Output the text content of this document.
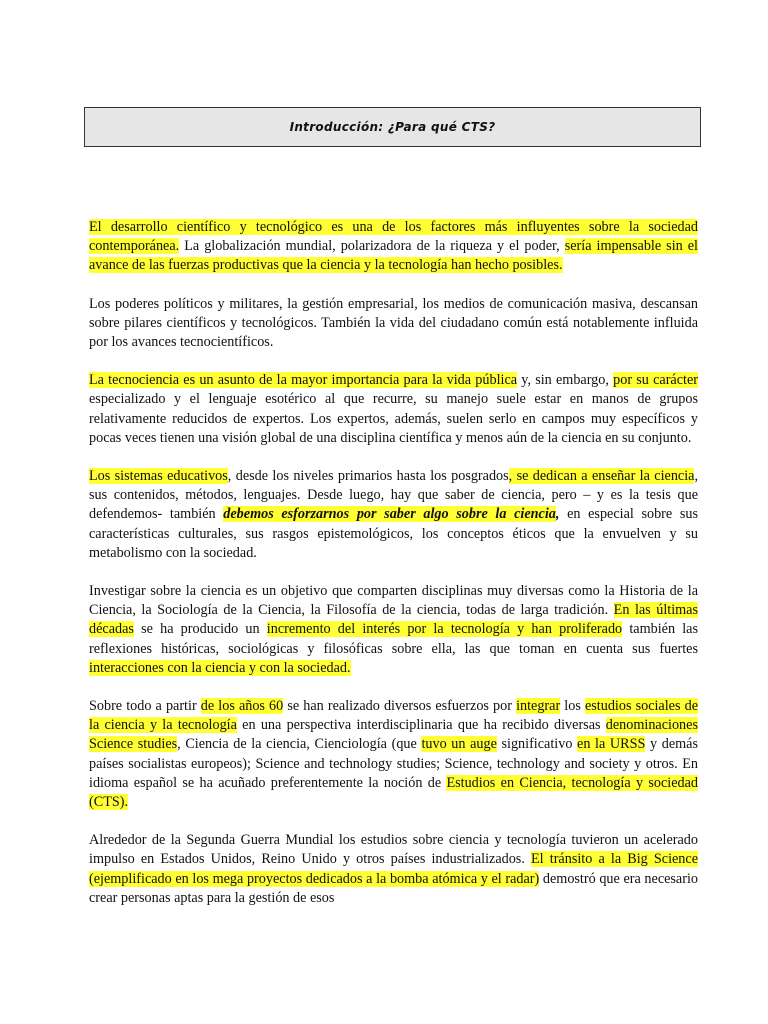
Introducción: ¿Para qué CTS?

El desarrollo científico y tecnológico es una de los factores más influyentes sobre la sociedad contemporánea. La globalización mundial, polarizadora de la riqueza y el poder, sería impensable sin el avance de las fuerzas productivas que la ciencia y la tecnología han hecho posibles.

Los poderes políticos y militares, la gestión empresarial, los medios de comunicación masiva, descansan sobre pilares científicos y tecnológicos. También la vida del ciudadano común está notablemente influida por los avances tecnocientíficos.

La tecnociencia es un asunto de la mayor importancia para la vida pública y, sin embargo, por su carácter especializado y el lenguaje esotérico al que recurre, su manejo suele estar en manos de grupos relativamente reducidos de expertos. Los expertos, además, suelen serlo en campos muy específicos y pocas veces tienen una visión global de una disciplina científica y menos aún de la ciencia en su conjunto.

Los sistemas educativos, desde los niveles primarios hasta los posgrados, se dedican a enseñar la ciencia, sus contenidos, métodos, lenguajes. Desde luego, hay que saber de ciencia, pero – y es la tesis que defendemos- también debemos esforzarnos por saber algo sobre la ciencia, en especial sobre sus características culturales, sus rasgos epistemológicos, los conceptos éticos que la envuelven y su metabolismo con la sociedad.

Investigar sobre la ciencia es un objetivo que comparten disciplinas muy diversas como la Historia de la Ciencia, la Sociología de la Ciencia, la Filosofía de la ciencia, todas de larga tradición. En las últimas décadas se ha producido un incremento del interés por la tecnología y han proliferado también las reflexiones históricas, sociológicas y filosóficas sobre ella, las que toman en cuenta sus fuertes interacciones con la ciencia y con la sociedad.

Sobre todo a partir de los años 60 se han realizado diversos esfuerzos por integrar los estudios sociales de la ciencia y la tecnología en una perspectiva interdisciplinaria que ha recibido diversas denominaciones Science studies, Ciencia de la ciencia, Cienciología (que tuvo un auge significativo en la URSS y demás países socialistas europeos); Science and technology studies; Science, technology and society y otros. En idioma español se ha acuñado preferentemente la noción de Estudios en Ciencia, tecnología y sociedad (CTS).

Alrededor de la Segunda Guerra Mundial los estudios sobre ciencia y tecnología tuvieron un acelerado impulso en Estados Unidos, Reino Unido y otros países industrializados. El tránsito a la Big Science (ejemplificado en los mega proyectos dedicados a la bomba atómica y el radar) demostró que era necesario crear personas aptas para la gestión de esos
